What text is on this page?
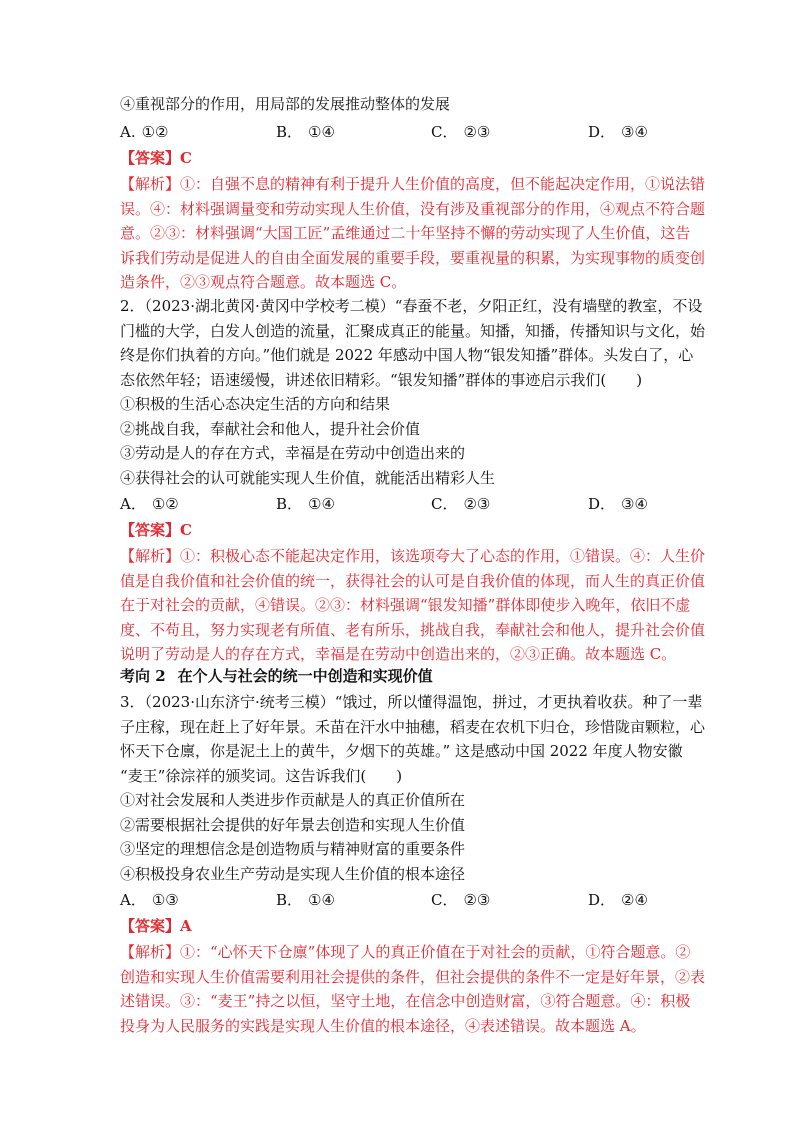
④重视部分的作用，用局部的发展推动整体的发展
A. ①②	B． ①④	C． ②③	D． ③④
【答案】C
【解析】①：自强不息的精神有利于提升人生价值的高度，但不能起决定作用，①说法错
误。④：材料强调量变和劳动实现人生价值，没有涉及重视部分的作用，④观点不符合题
意。②③：材料强调“大国工匠”孟维通过二十年坚持不懈的劳动实现了人生价值，这告
诉我们劳动是促进人的自由全面发展的重要手段，要重视量的积累，为实现事物的质变创
造条件，②③观点符合题意。故本题选 C。
2．（2023·湖北黄冈·黄冈中学校考二模）“春蚕不老，夕阳正红，没有墙壁的教室，不设
门槛的大学，白发人创造的流量，汇聚成真正的能量。知播，知播，传播知识与文化，始
终是你们执着的方向。”他们就是 2022 年感动中国人物“银发知播”群体。头发白了，心
态依然年轻；语速缓慢，讲述依旧精彩。“银发知播”群体的事迹启示我们(　　)
①积极的生活心态决定生活的方向和结果
②挑战自我，奉献社会和他人，提升社会价值
③劳动是人的存在方式，幸福是在劳动中创造出来的
④获得社会的认可就能实现人生价值，就能活出精彩人生
A． ①②	B． ①④	C． ②③	D． ③④
【答案】C
【解析】①：积极心态不能起决定作用，该选项夸大了心态的作用，①错误。④：人生价
值是自我价值和社会价值的统一，获得社会的认可是自我价值的体现，而人生的真正价值
在于对社会的贡献，④错误。②③：材料强调“银发知播”群体即使步入晚年，依旧不虚
度、不苟且，努力实现老有所值、老有所乐，挑战自我，奉献社会和他人，提升社会价值
说明了劳动是人的存在方式，幸福是在劳动中创造出来的，②③正确。故本题选 C。
考向 2 在个人与社会的统一中创造和实现价值
3．（2023·山东济宁·统考三模）“饿过，所以懂得温饱，拼过，才更执着收获。种了一辈
子庄稼，现在赶上了好年景。禾苗在汗水中抽穗，稻麦在农机下归仓，珍惜陇亩颗粒，心
怀天下仓廪，你是泥土上的黄牛，夕烟下的英雄。” 这是感动中国 2022 年度人物安徽
“麦王”徐淙祥的颁奖词。这告诉我们(　　)
①对社会发展和人类进步作贡献是人的真正价值所在
②需要根据社会提供的好年景去创造和实现人生价值
③坚定的理想信念是创造物质与精神财富的重要条件
④积极投身农业生产劳动是实现人生价值的根本途径
A． ①③	B． ①④	C． ②③	D． ②④
【答案】A
【解析】①：“心怀天下仓廪”体现了人的真正价值在于对社会的贡献，①符合题意。②
创造和实现人生价值需要利用社会提供的条件，但社会提供的条件不一定是好年景，②表
述错误。③：“麦王”持之以恒，坚守土地，在信念中创造财富，③符合题意。④：积极
投身为人民服务的实践是实现人生价值的根本途径，④表述错误。故本题选 A。
